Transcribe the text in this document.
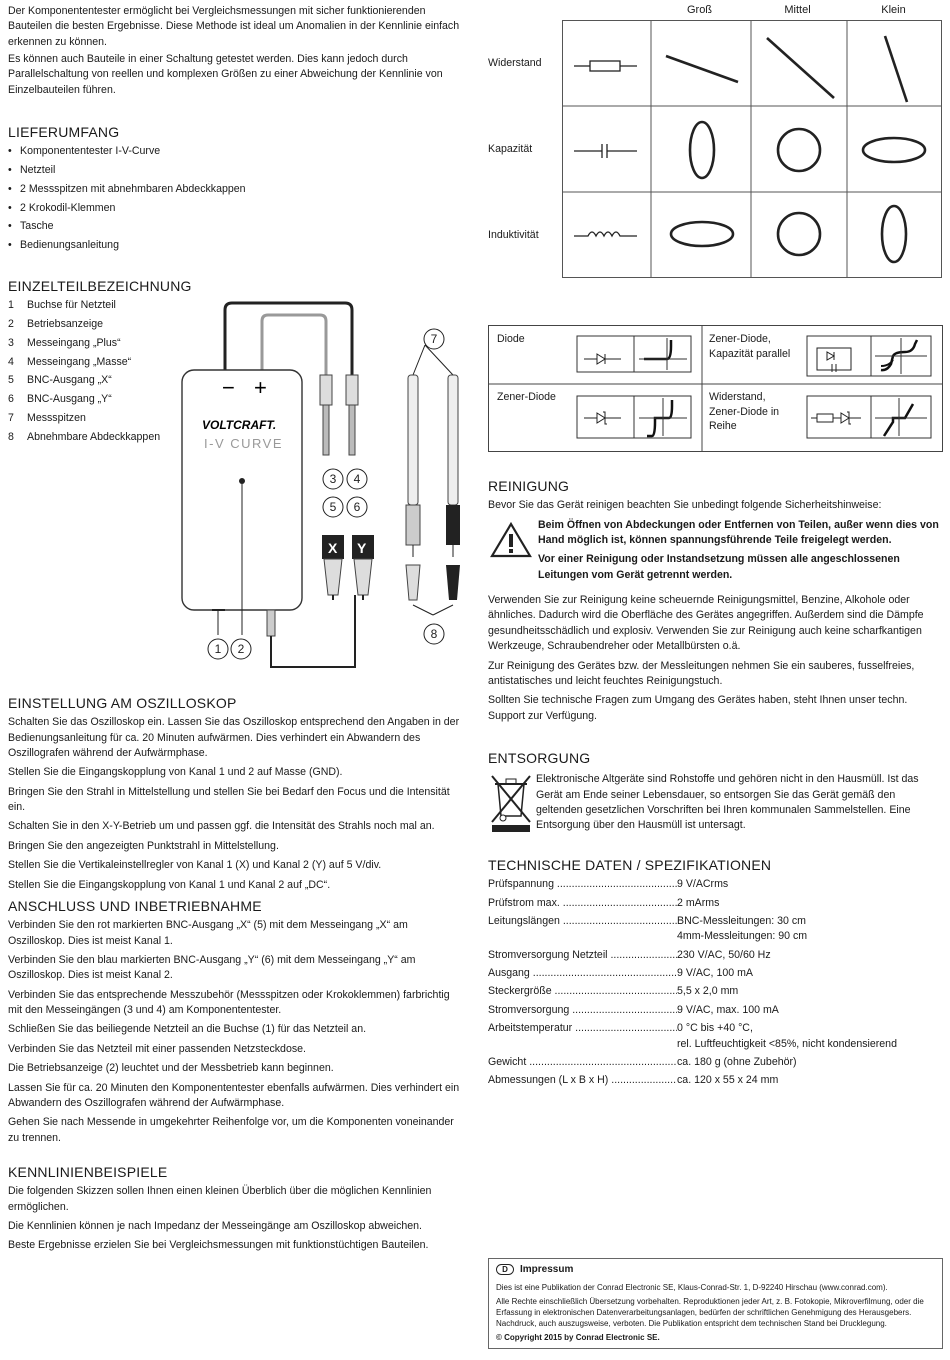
Der Komponententester ermöglicht bei Vergleichsmessungen mit sicher funktionierenden Bauteilen die besten Ergebnisse. Diese Methode ist ideal um Anomalien in der Kennlinie einfach erkennen zu können.

Es können auch Bauteile in einer Schaltung getestet werden. Dies kann jedoch durch Parallelschaltung von reellen und komplexen Größen zu einer Abweichung der Kennlinie von Einzelbauteilen führen.

LIEFERUMFANG
• Komponententester I-V-Curve
• Netzteil
• 2 Messspitzen mit abnehmbaren Abdeckkappen
• 2 Krokodil-Klemmen
• Tasche
• Bedienungsanleitung
EINZELTEILBEZEICHNUNG
1	Buchse für Netzteil
2	Betriebsanzeige
3	Messeingang „Plus“
4	Messeingang „Masse“
5	BNC-Ausgang „X“
6	BNC-Ausgang „Y“
7	Messspitzen
8	Abnehmbare Abdeckkappen
− +
VOLTCRAFT.
I-V CURVE
X Y
1 2
3 4
5 6
7
8
EINSTELLUNG AM OSZILLOSKOP

Schalten Sie das Oszilloskop ein. Lassen Sie das Oszilloskop entsprechend den Angaben in der Bedienungsanleitung für ca. 20 Minuten aufwärmen. Dies verhindert ein Abwandern des Oszillografen während der Aufwärmphase.

Stellen Sie die Eingangskopplung von Kanal 1 und 2 auf Masse (GND).

Bringen Sie den Strahl in Mittelstellung und stellen Sie bei Bedarf den Focus und die Intensität ein.

Schalten Sie in den X-Y-Betrieb um und passen ggf. die Intensität des Strahls noch mal an.

Bringen Sie den angezeigten Punktstrahl in Mittelstellung.

Stellen Sie die Vertikaleinstellregler von Kanal 1 (X) und Kanal 2 (Y) auf 5 V/div.

Stellen Sie die Eingangskopplung von Kanal 1 und Kanal 2 auf „DC“.

ANSCHLUSS UND INBETRIEBNAHME

Verbinden Sie den rot markierten BNC-Ausgang „X“ (5) mit dem Messeingang „X“ am Oszilloskop. Dies ist meist Kanal 1.

Verbinden Sie den blau markierten BNC-Ausgang „Y“ (6) mit dem Messeingang „Y“ am Oszilloskop. Dies ist meist Kanal 2.

Verbinden Sie das entsprechende Messzubehör (Messspitzen oder Krokoklemmen) farbrichtig mit den Messeingängen (3 und 4) am Komponententester.

Schließen Sie das beiliegende Netzteil an die Buchse (1) für das Netzteil an.

Verbinden Sie das Netzteil mit einer passenden Netzsteckdose.

Die Betriebsanzeige (2) leuchtet und der Messbetrieb kann beginnen.

Lassen Sie für ca. 20 Minuten den Komponententester ebenfalls aufwärmen. Dies verhindert ein Abwandern des Oszillografen während der Aufwärmphase.

Gehen Sie nach Messende in umgekehrter Reihenfolge vor, um die Komponenten voneinander zu trennen.

KENNLINIENBEISPIELE

Die folgenden Skizzen sollen Ihnen einen kleinen Überblich über die möglichen Kennlinien ermöglichen.

Die Kennlinien können je nach Impedanz der Messeingänge am Oszilloskop abweichen.

Beste Ergebnisse erzielen Sie bei Vergleichsmessungen mit funktionstüchtigen Bauteilen.

Groß	Mittel	Klein
Widerstand
Kapazität
Induktivität
Diode
Zener-Diode
Zener-Diode, Kapazität parallel
Widerstand, Zener-Diode in Reihe
REINIGUNG

Bevor Sie das Gerät reinigen beachten Sie unbedingt folgende Sicherheitshinweise:

Beim Öffnen von Abdeckungen oder Entfernen von Teilen, außer wenn dies von Hand möglich ist, können spannungsführende Teile freigelegt werden.

Vor einer Reinigung oder Instandsetzung müssen alle angeschlossenen Leitungen vom Gerät getrennt werden.

Verwenden Sie zur Reinigung keine scheuernde Reinigungsmittel, Benzine, Alkohole oder ähnliches. Dadurch wird die Oberfläche des Gerätes angegriffen. Außerdem sind die Dämpfe gesundheitsschädlich und explosiv. Verwenden Sie zur Reinigung auch keine scharfkantigen Werkzeuge, Schraubendreher oder Metallbürsten o.ä.

Zur Reinigung des Gerätes bzw. der Messleitungen nehmen Sie ein sauberes, fusselfreies, antistatisches und leicht feuchtes Reinigungstuch.

Sollten Sie technische Fragen zum Umgang des Gerätes haben, steht Ihnen unser techn. Support zur Verfügung.

ENTSORGUNG

Elektronische Altgeräte sind Rohstoffe und gehören nicht in den Hausmüll. Ist das Gerät am Ende seiner Lebensdauer, so entsorgen Sie das Gerät gemäß den geltenden gesetzlichen Vorschriften bei Ihren kommunalen Sammelstellen. Eine Entsorgung über den Hausmüll ist untersagt.

TECHNISCHE DATEN / SPEZIFIKATIONEN
Prüfspannung .....	9 V/ACrms
Prüfstrom max. .....	2 mArms
Leitungslängen .....	BNC-Messleitungen: 30 cm
4mm-Messleitungen: 90 cm
Stromversorgung Netzteil .....	230 V/AC, 50/60 Hz
Ausgang .....	9 V/AC, 100 mA
Steckergröße .....	5,5 x 2,0 mm
Stromversorgung .....	9 V/AC, max. 100 mA
Arbeitstemperatur .....	0 °C bis +40 °C,
rel. Luftfeuchtigkeit <85%, nicht kondensierend
Gewicht .....	ca. 180 g (ohne Zubehör)
Abmessungen (L x B x H) .....	ca. 120 x 55 x 24 mm
D	Impressum

Dies ist eine Publikation der Conrad Electronic SE, Klaus-Conrad-Str. 1, D-92240 Hirschau (www.conrad.com).

Alle Rechte einschließlich Übersetzung vorbehalten. Reproduktionen jeder Art, z. B. Fotokopie, Mikroverfilmung, oder die Erfassung in elektronischen Datenverarbeitungsanlagen, bedürfen der schriftlichen Genehmigung des Herausgebers. Nachdruck, auch auszugsweise, verboten. Die Publikation entspricht dem technischen Stand bei Drucklegung.

© Copyright 2015 by Conrad Electronic SE.
